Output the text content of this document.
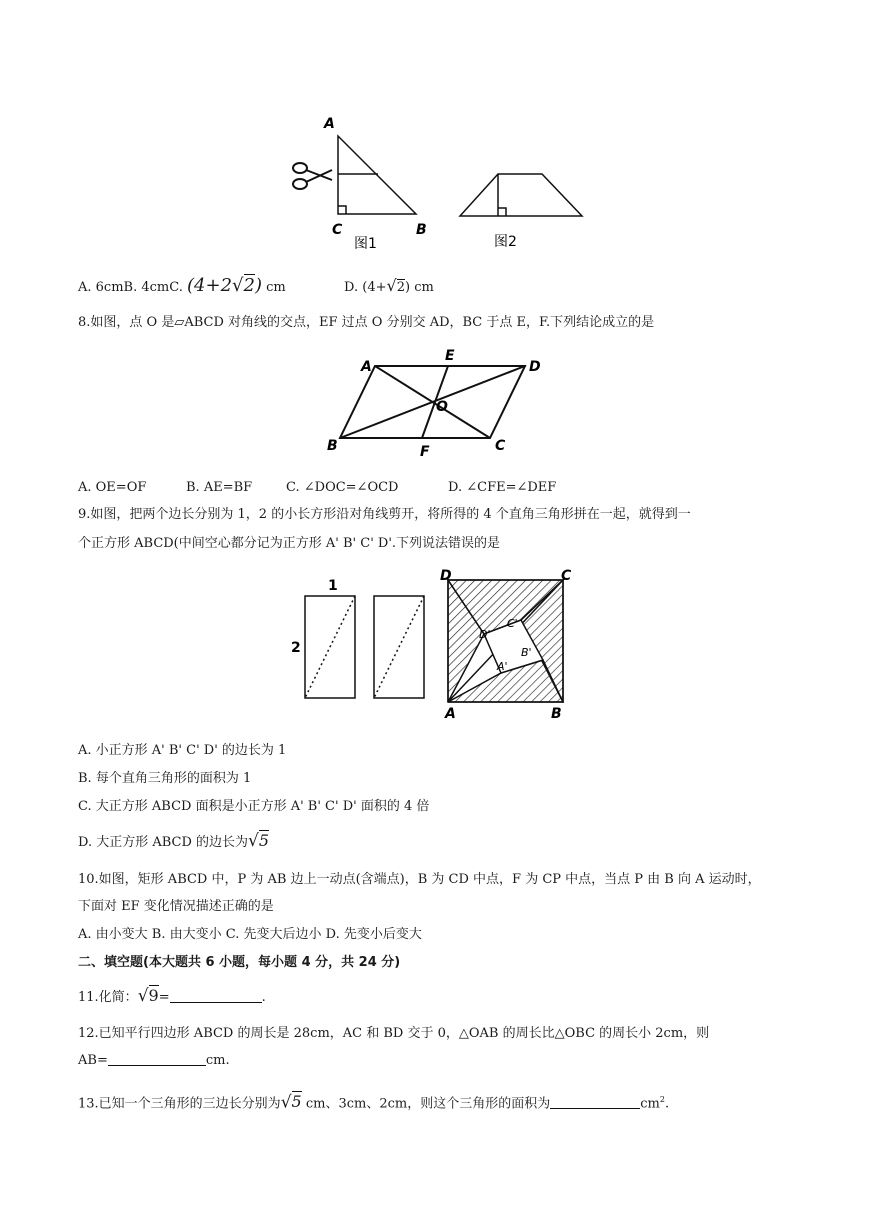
A
C	B
图1	图2
A. 6cmB. 4cmC. (4+2√2) cm	D. (4+√2) cm
8.如图，点 O 是▱ABCD 对角线的交点，EF 过点 O 分别交 AD，BC 于点 E，F.下列结论成立的是
A
E
D
O
B	F	C
A. OE=OF	B. AE=BF	C. ∠DOC=∠OCD	D. ∠CFE=∠DEF
9.如图，把两个边长分别为 1，2 的小长方形沿对角线剪开，将所得的 4 个直角三角形拼在一起，就得到一
个正方形 ABCD(中间空心都分记为正方形 A' B' C' D'.下列说法错误的是
1
2
D	C
A	B
D'
C'
B'
A'
A. 小正方形 A' B' C' D' 的边长为 1
B. 每个直角三角形的面积为 1
C. 大正方形 ABCD 面积是小正方形 A' B' C' D' 面积的 4 倍
D. 大正方形 ABCD 的边长为√5
10.如图，矩形 ABCD 中，P 为 AB 边上一动点(含端点)，B 为 CD 中点，F 为 CP 中点，当点 P 由 B 向 A 运动时，
下面对 EF 变化情况描述正确的是
A. 由小变大 B. 由大变小 C. 先变大后边小 D. 先变小后变大
二、填空题(本大题共 6 小题，每小题 4 分，共 24 分)
11.化简：√9=	.
12.已知平行四边形 ABCD 的周长是 28cm，AC 和 BD 交于 0，△OAB 的周长比△OBC 的周长小 2cm，则
AB=	cm.
13.已知一个三角形的三边长分别为√5 cm、3cm、2cm，则这个三角形的面积为	$cm^2$.
